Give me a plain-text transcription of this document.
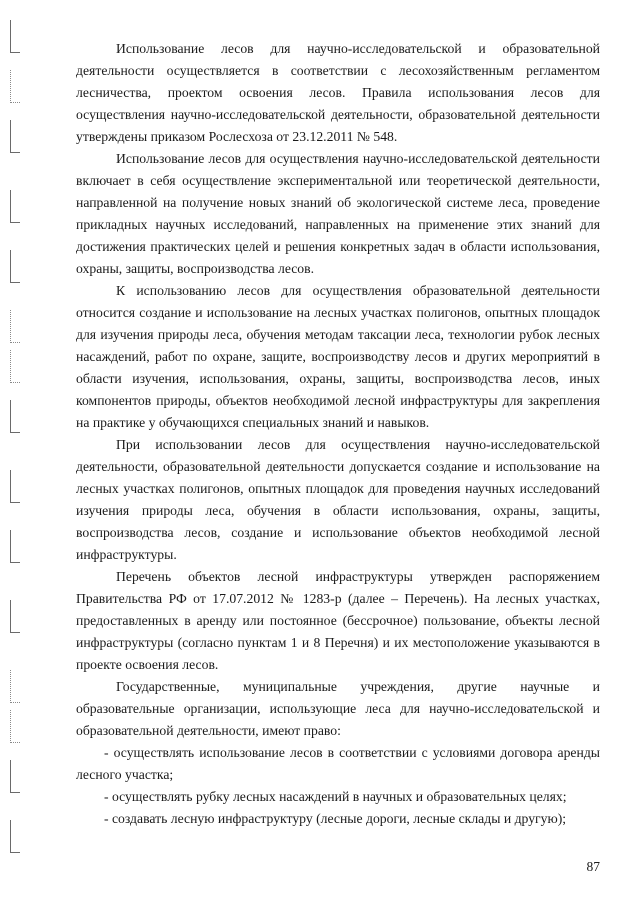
Использование лесов для научно-исследовательской и образовательной деятельности осуществляется в соответствии с лесохозяйственным регламентом лесничества, проектом освоения лесов. Правила использования лесов для осуществления научно-исследовательской деятельности, образовательной деятельности утверждены приказом Рослесхоза от 23.12.2011 № 548.

Использование лесов для осуществления научно-исследовательской деятельности включает в себя осуществление экспериментальной или теоретической деятельности, направленной на получение новых знаний об экологической системе леса, проведение прикладных научных исследований, направленных на применение этих знаний для достижения практических целей и решения конкретных задач в области использования, охраны, защиты, воспроизводства лесов.

К использованию лесов для осуществления образовательной деятельности относится создание и использование на лесных участках полигонов, опытных площадок для изучения природы леса, обучения методам таксации леса, технологии рубок лесных насаждений, работ по охране, защите, воспроизводству лесов и других мероприятий в области изучения, использования, охраны, защиты, воспроизводства лесов, иных компонентов природы, объектов необходимой лесной инфраструктуры для закрепления на практике у обучающихся специальных знаний и навыков.

При использовании лесов для осуществления научно-исследовательской деятельности, образовательной деятельности допускается создание и использование на лесных участках полигонов, опытных площадок для проведения научных исследований изучения природы леса, обучения в области использования, охраны, защиты, воспроизводства лесов, создание и использование объектов необходимой лесной инфраструктуры.

Перечень объектов лесной инфраструктуры утвержден распоряжением Правительства РФ от 17.07.2012 № 1283-р (далее – Перечень). На лесных участках, предоставленных в аренду или постоянное (бессрочное) пользование, объекты лесной инфраструктуры (согласно пунктам 1 и 8 Перечня) и их местоположение указываются в проекте освоения лесов.

Государственные, муниципальные учреждения, другие научные и образовательные организации, использующие леса для научно-исследовательской и образовательной деятельности, имеют право:

- осуществлять использование лесов в соответствии с условиями договора аренды лесного участка;

- осуществлять рубку лесных насаждений в научных и образовательных целях;

- создавать лесную инфраструктуру (лесные дороги, лесные склады и другую);

87
